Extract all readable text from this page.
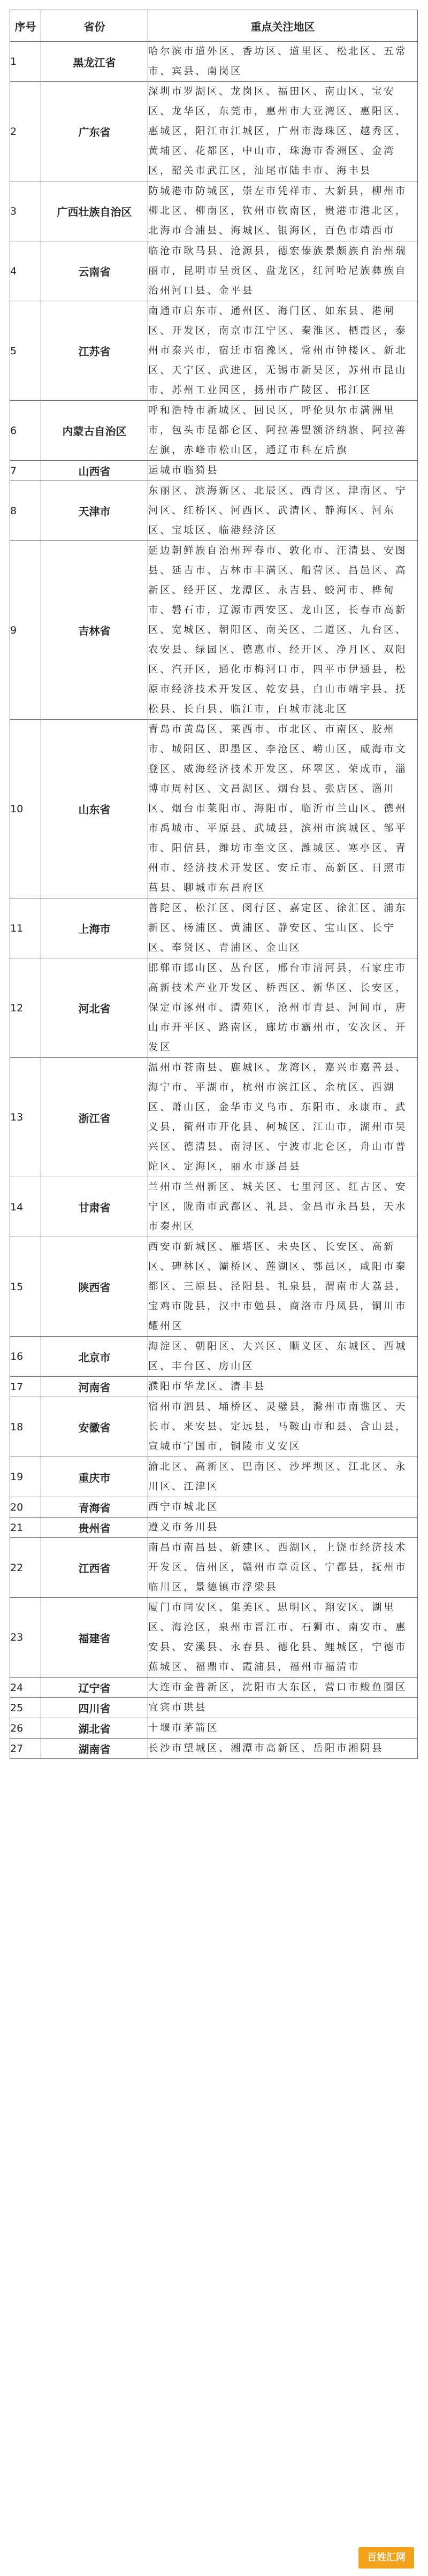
序号	省份	重点关注地区
1	黑龙江省	哈尔滨市道外区、香坊区、道里区、松北区、五常市、宾县、南岗区
2	广东省	深圳市罗湖区、龙岗区、福田区、南山区、宝安区、龙华区，东莞市，惠州市大亚湾区、惠阳区、惠城区，阳江市江城区，广州市海珠区、越秀区、黄埔区、花都区，中山市，珠海市香洲区、金湾区，韶关市武江区，汕尾市陆丰市、海丰县
3	广西壮族自治区	防城港市防城区，崇左市凭祥市、大新县，柳州市柳北区、柳南区，钦州市钦南区，贵港市港北区，北海市合浦县、海城区、银海区，百色市靖西市
4	云南省	临沧市耿马县、沧源县，德宏傣族景颇族自治州瑞丽市，昆明市呈贡区、盘龙区，红河哈尼族彝族自治州河口县、金平县
5	江苏省	南通市启东市、通州区、海门区、如东县、港闸区、开发区，南京市江宁区、秦淮区、栖霞区，泰州市泰兴市，宿迁市宿豫区，常州市钟楼区、新北区、天宁区、武进区，无锡市新吴区，苏州市昆山市、苏州工业园区，扬州市广陵区、邗江区
6	内蒙古自治区	呼和浩特市新城区、回民区，呼伦贝尔市满洲里市，包头市昆都仑区、阿拉善盟额济纳旗、阿拉善左旗，赤峰市松山区，通辽市科左后旗
7	山西省	运城市临猗县
8	天津市	东丽区、滨海新区、北辰区、西青区、津南区、宁河区、红桥区、河西区、武清区、静海区、河东区、宝坻区、临港经济区
9	吉林省	延边朝鲜族自治州珲春市、敦化市、汪清县、安图县、延吉市、吉林市丰满区、船营区、昌邑区、高新区、经开区、龙潭区、永吉县、蛟河市、桦甸市、磐石市，辽源市西安区、龙山区，长春市高新区、宽城区、朝阳区、南关区、二道区、九台区、农安县、绿园区、德惠市、经开区、净月区、双阳区、汽开区，通化市梅河口市，四平市伊通县，松原市经济技术开发区、乾安县，白山市靖宇县、抚松县、长白县、临江市，白城市洮北区
10	山东省	青岛市黄岛区、莱西市、市北区、市南区、胶州市、城阳区、即墨区、李沧区、崂山区，威海市文登区、威海经济技术开发区、环翠区、荣成市，淄博市周村区、文昌湖区、烟台县、张店区、淄川区、烟台市莱阳市、海阳市，临沂市兰山区、德州市禹城市、平原县、武城县，滨州市滨城区、邹平市、阳信县，潍坊市奎文区、潍城区、寒亭区、青州市、经济技术开发区、安丘市、高新区、日照市莒县、聊城市东昌府区
11	上海市	普陀区、松江区、闵行区、嘉定区、徐汇区、浦东新区、杨浦区、黄浦区、静安区、宝山区、长宁区、奉贤区、青浦区、金山区
12	河北省	邯郸市邯山区、丛台区，邢台市清河县，石家庄市高新技术产业开发区、桥西区、新华区、长安区，保定市涿州市、清苑区，沧州市青县、河间市，唐山市开平区、路南区，廊坊市霸州市，安次区、开发区
13	浙江省	温州市苍南县、鹿城区、龙湾区，嘉兴市嘉善县、海宁市、平湖市，杭州市滨江区、余杭区、西湖区、萧山区，金华市义乌市、东阳市、永康市、武义县，衢州市开化县、柯城区、江山市，湖州市吴兴区、德清县、南浔区、宁波市北仑区，舟山市普陀区、定海区，丽水市遂昌县
14	甘肃省	兰州市兰州新区、城关区、七里河区、红古区、安宁区，陇南市武都区、礼县、金昌市永昌县，天水市秦州区
15	陕西省	西安市新城区、雁塔区、未央区、长安区、高新区、碑林区、灞桥区、莲湖区、鄠邑区，咸阳市秦都区、三原县、泾阳县、礼泉县，渭南市大荔县，宝鸡市陇县，汉中市勉县、商洛市丹凤县，铜川市耀州区
16	北京市	海淀区、朝阳区、大兴区、顺义区、东城区、西城区、丰台区、房山区
17	河南省	濮阳市华龙区、清丰县
18	安徽省	宿州市泗县、埇桥区、灵璧县，滁州市南谯区、天长市、来安县、定远县，马鞍山市和县、含山县，宣城市宁国市，铜陵市义安区
19	重庆市	渝北区、高新区、巴南区、沙坪坝区、江北区、永川区、江津区
20	青海省	西宁市城北区
21	贵州省	遵义市务川县
22	江西省	南昌市南昌县、新建区、西湖区，上饶市经济技术开发区、信州区，赣州市章贡区、宁都县，抚州市临川区，景德镇市浮梁县
23	福建省	厦门市同安区、集美区、思明区、翔安区、湖里区、海沧区，泉州市晋江市、石狮市、南安市、惠安县、安溪县、永春县、德化县、鲤城区，宁德市蕉城区、福鼎市、霞浦县，福州市福清市
24	辽宁省	大连市金普新区，沈阳市大东区，营口市鲅鱼圈区
25	四川省	宜宾市珙县
26	湖北省	十堰市茅箭区
27	湖南省	长沙市望城区、湘潭市高新区、岳阳市湘阴县
百姓汇网
